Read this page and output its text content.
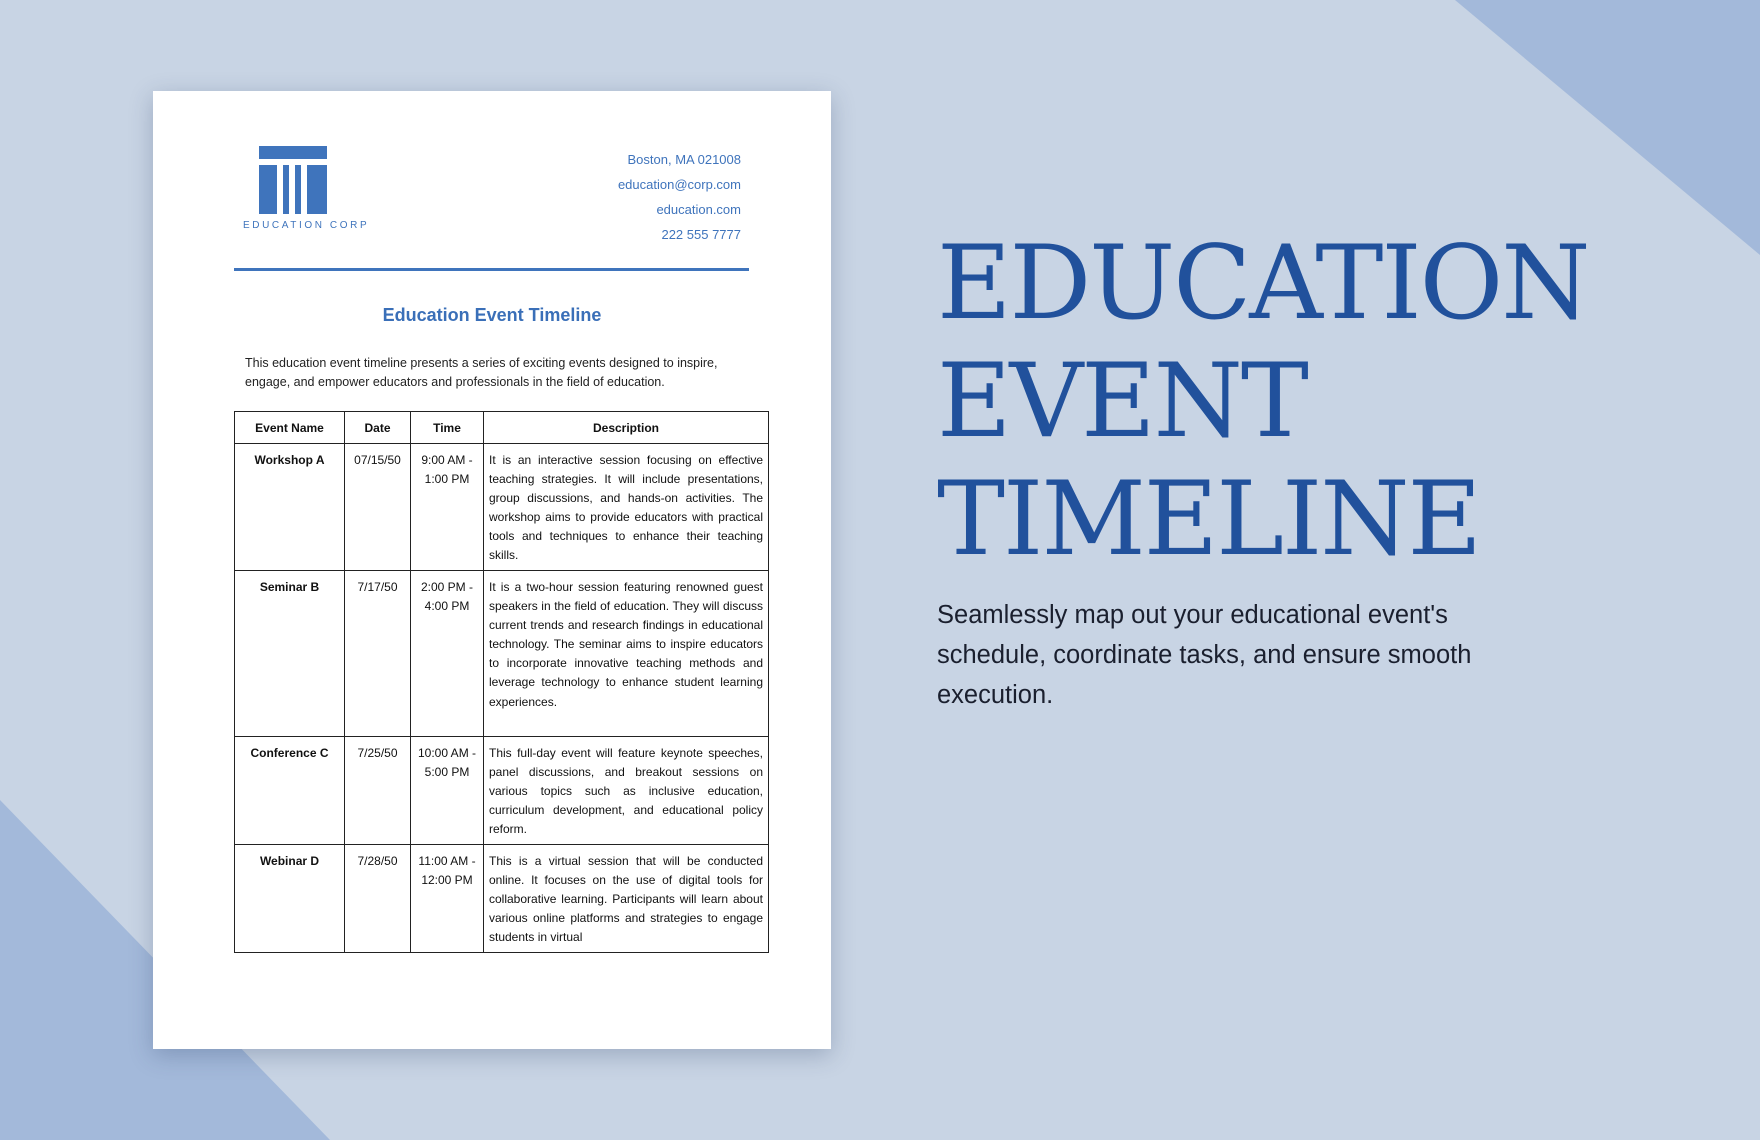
EDUCATION CORP
Boston, MA 021008
education@corp.com
education.com
222 555 7777
Education Event Timeline
This education event timeline presents a series of exciting events designed to inspire, engage, and empower educators and professionals in the field of education.
Event Name	Date	Time	Description
Workshop A	07/15/50	9:00 AM - 1:00 PM	It is an interactive session focusing on effective teaching strategies. It will include presentations, group discussions, and hands-on activities. The workshop aims to provide educators with practical tools and techniques to enhance their teaching skills.
Seminar B	7/17/50	2:00 PM - 4:00 PM	It is a two-hour session featuring renowned guest speakers in the field of education. They will discuss current trends and research findings in educational technology. The seminar aims to inspire educators to incorporate innovative teaching methods and leverage technology to enhance student learning experiences.
Conference C	7/25/50	10:00 AM - 5:00 PM	This full-day event will feature keynote speeches, panel discussions, and breakout sessions on various topics such as inclusive education, curriculum development, and educational policy reform.
Webinar D	7/28/50	11:00 AM - 12:00 PM	This is a virtual session that will be conducted online. It focuses on the use of digital tools for collaborative learning. Participants will learn about various online platforms and strategies to engage students in virtual
EDUCATION
EVENT
TIMELINE
Seamlessly map out your educational event's schedule, coordinate tasks, and ensure smooth execution.
